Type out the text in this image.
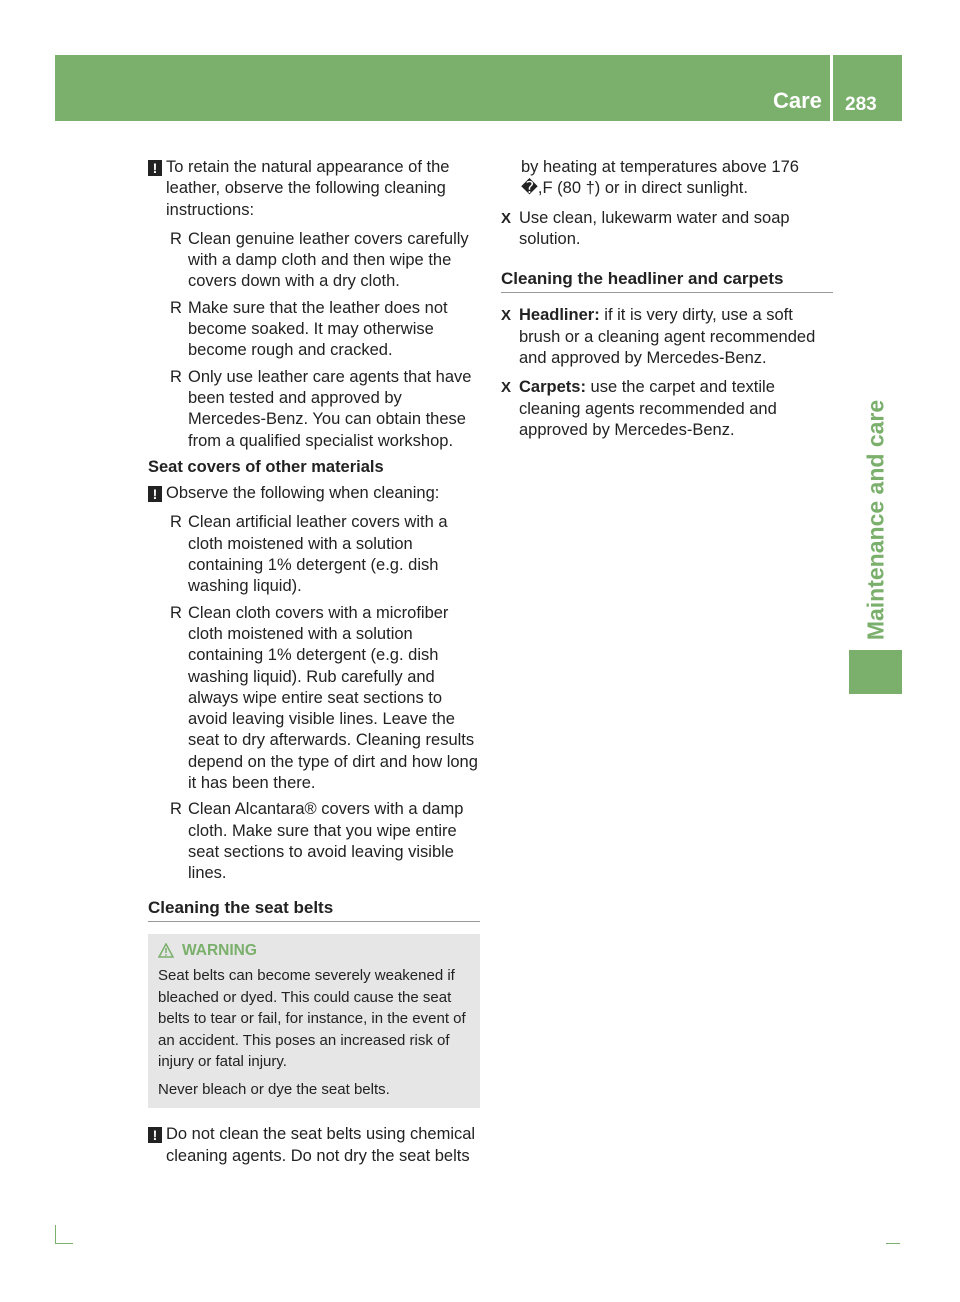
Care 283
Maintenance and care

! To retain the natural appearance of the leather, observe the following cleaning instructions:

R Clean genuine leather covers carefully with a damp cloth and then wipe the covers down with a dry cloth.

R Make sure that the leather does not become soaked. It may otherwise become rough and cracked.

R Only use leather care agents that have been tested and approved by Mercedes-Benz. You can obtain these from a qualified specialist workshop.

Seat covers of other materials

! Observe the following when cleaning:

R Clean artificial leather covers with a cloth moistened with a solution containing 1% detergent (e.g. dish washing liquid).

R Clean cloth covers with a microfiber cloth moistened with a solution containing 1% detergent (e.g. dish washing liquid). Rub carefully and always wipe entire seat sections to avoid leaving visible lines. Leave the seat to dry afterwards. Cleaning results depend on the type of dirt and how long it has been there.

R Clean Alcantara® covers with a damp cloth. Make sure that you wipe entire seat sections to avoid leaving visible lines.

Cleaning the seat belts

WARNING

Seat belts can become severely weakened if bleached or dyed. This could cause the seat belts to tear or fail, for instance, in the event of an accident. This poses an increased risk of injury or fatal injury.

Never bleach or dye the seat belts.

! Do not clean the seat belts using chemical cleaning agents. Do not dry the seat belts

by heating at temperatures above 176 �,F (80 †) or in direct sunlight.

X Use clean, lukewarm water and soap solution.

Cleaning the headliner and carpets

X Headliner: if it is very dirty, use a soft brush or a cleaning agent recommended and approved by Mercedes-Benz.

X Carpets: use the carpet and textile cleaning agents recommended and approved by Mercedes-Benz.
